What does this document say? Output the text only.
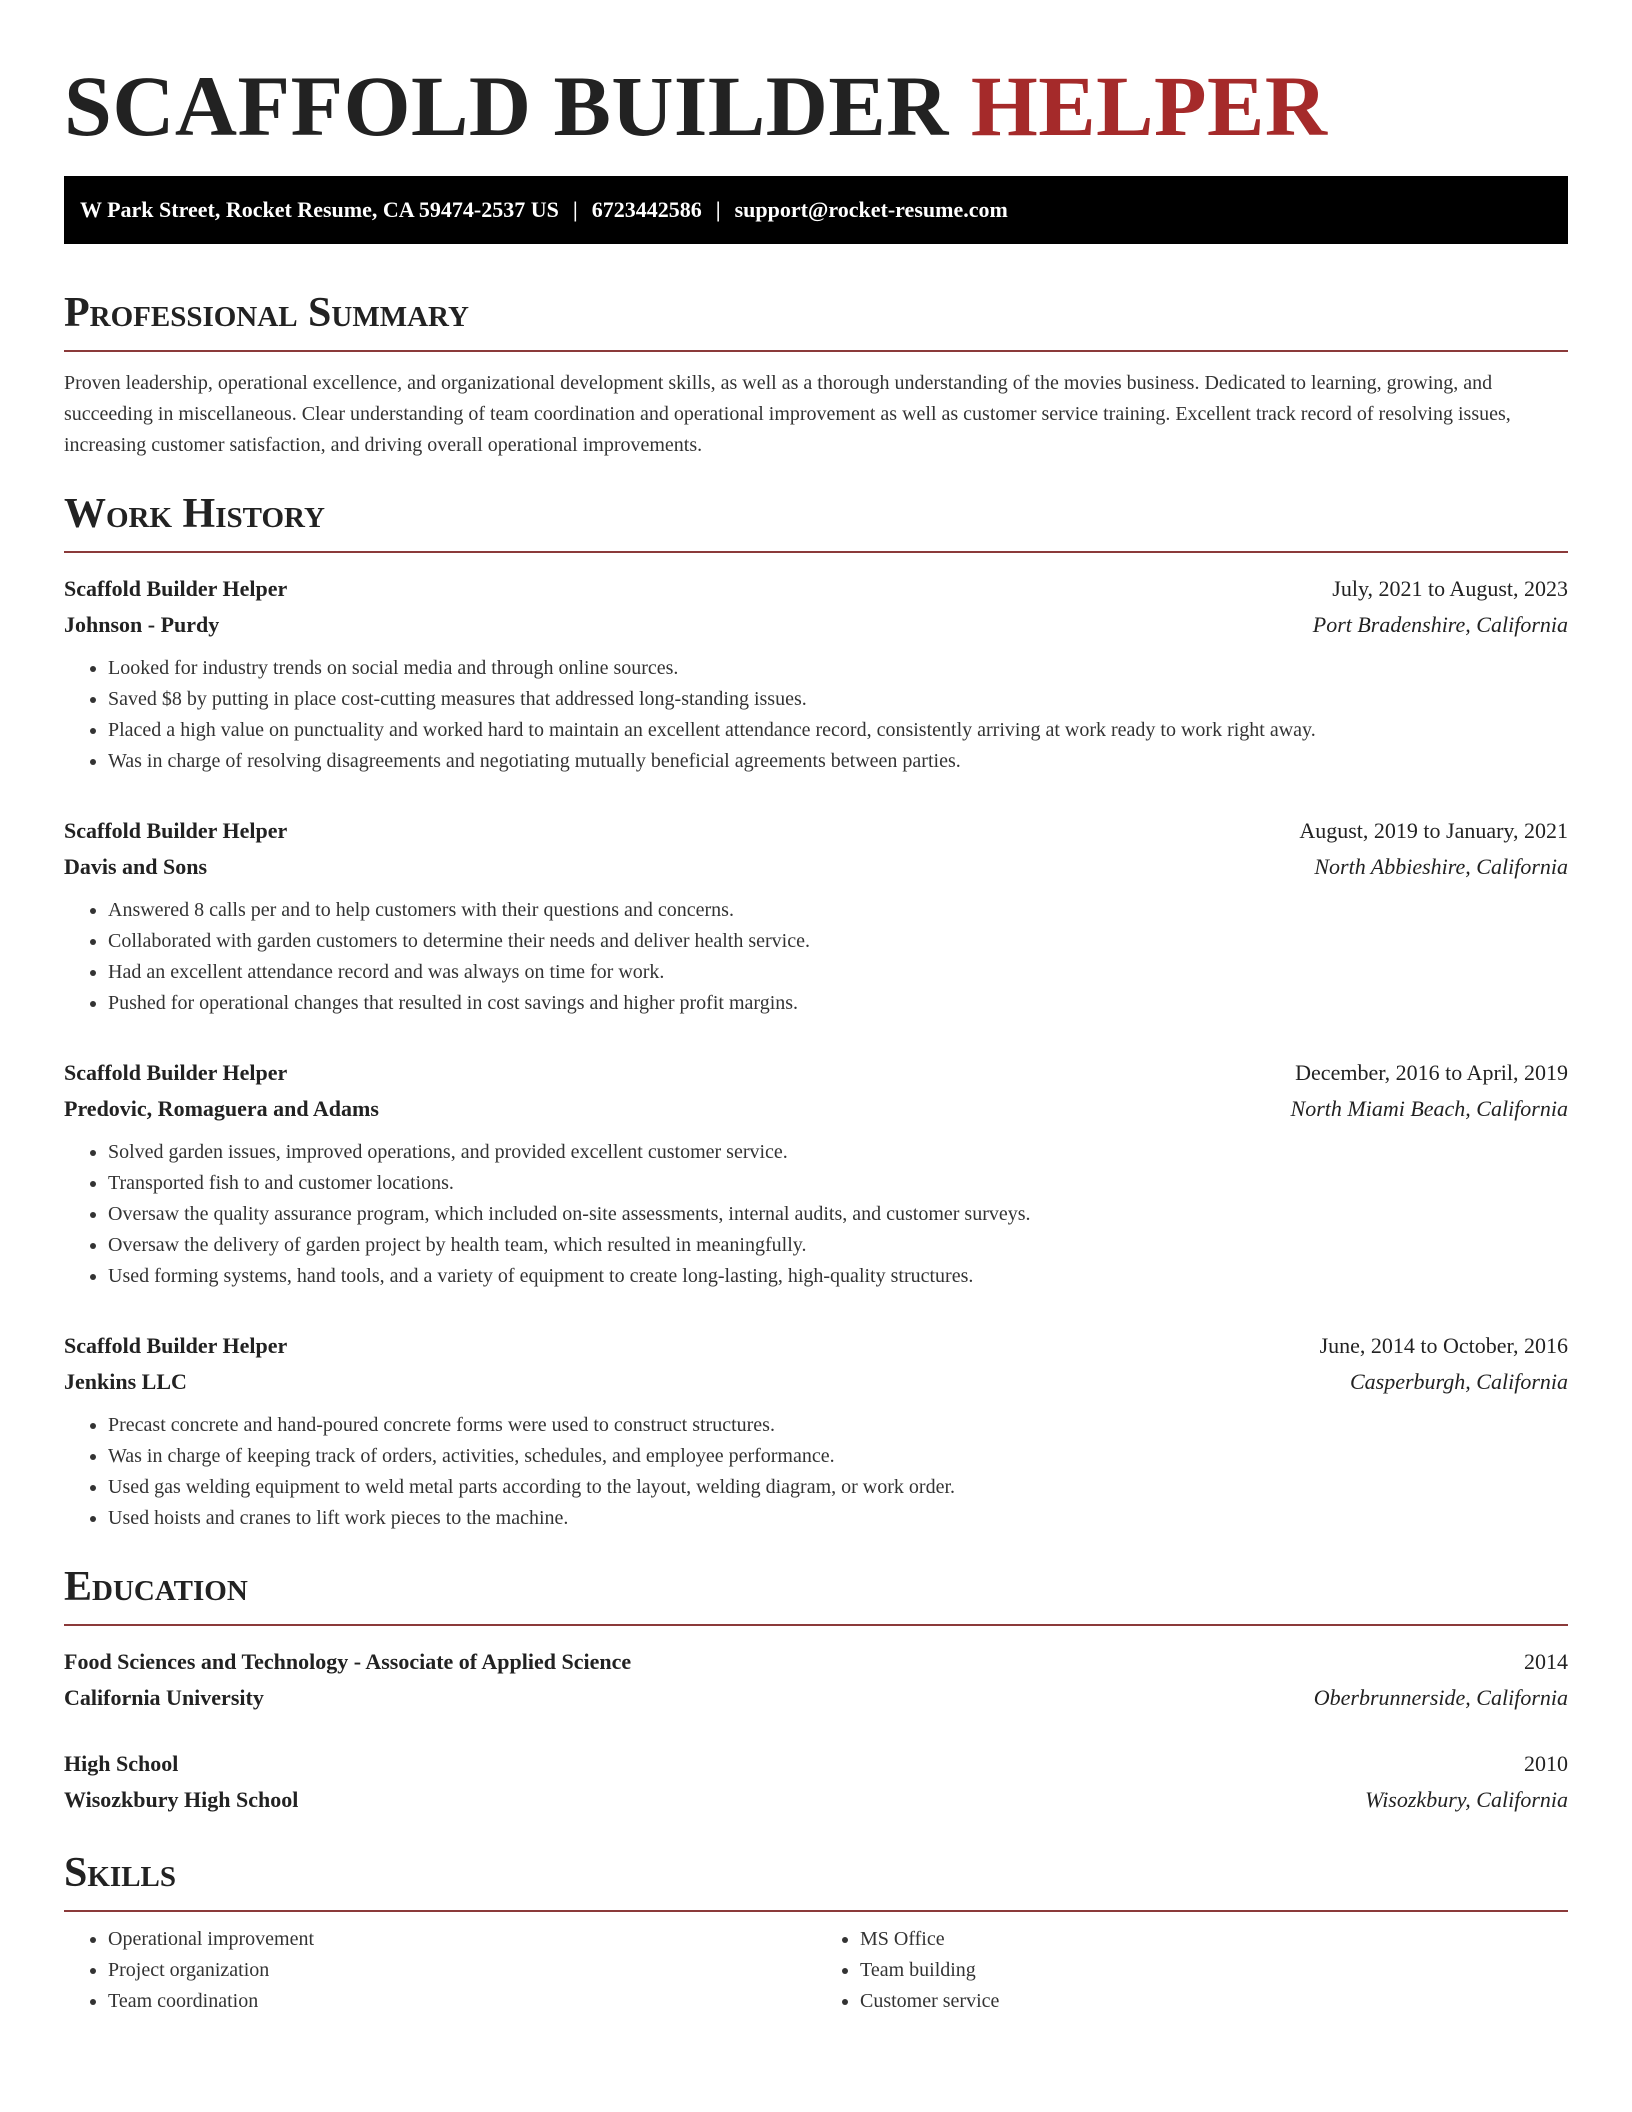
SCAFFOLD BUILDER HELPER
W Park Street, Rocket Resume, CA 59474-2537 US | 6723442586 | support@rocket-resume.com
Professional Summary

Proven leadership, operational excellence, and organizational development skills, as well as a thorough understanding of the movies business. Dedicated to learning, growing, and succeeding in miscellaneous. Clear understanding of team coordination and operational improvement as well as customer service training. Excellent track record of resolving issues, increasing customer satisfaction, and driving overall operational improvements.

Work History
Scaffold Builder Helper	July, 2021 to August, 2023
Johnson - Purdy	Port Bradenshire, California
• Looked for industry trends on social media and through online sources.
• Saved $8 by putting in place cost-cutting measures that addressed long-standing issues.
• Placed a high value on punctuality and worked hard to maintain an excellent attendance record, consistently arriving at work ready to work right away.
• Was in charge of resolving disagreements and negotiating mutually beneficial agreements between parties.
Scaffold Builder Helper	August, 2019 to January, 2021
Davis and Sons	North Abbieshire, California
• Answered 8 calls per and to help customers with their questions and concerns.
• Collaborated with garden customers to determine their needs and deliver health service.
• Had an excellent attendance record and was always on time for work.
• Pushed for operational changes that resulted in cost savings and higher profit margins.
Scaffold Builder Helper	December, 2016 to April, 2019
Predovic, Romaguera and Adams	North Miami Beach, California
• Solved garden issues, improved operations, and provided excellent customer service.
• Transported fish to and customer locations.
• Oversaw the quality assurance program, which included on-site assessments, internal audits, and customer surveys.
• Oversaw the delivery of garden project by health team, which resulted in meaningfully.
• Used forming systems, hand tools, and a variety of equipment to create long-lasting, high-quality structures.
Scaffold Builder Helper	June, 2014 to October, 2016
Jenkins LLC	Casperburgh, California
• Precast concrete and hand-poured concrete forms were used to construct structures.
• Was in charge of keeping track of orders, activities, schedules, and employee performance.
• Used gas welding equipment to weld metal parts according to the layout, welding diagram, or work order.
• Used hoists and cranes to lift work pieces to the machine.
Education
Food Sciences and Technology - Associate of Applied Science	2014
California University	Oberbrunnerside, California
High School	2010
Wisozkbury High School	Wisozkbury, California
Skills
• Operational improvement
• Project organization
• Team coordination
• MS Office
• Team building
• Customer service
